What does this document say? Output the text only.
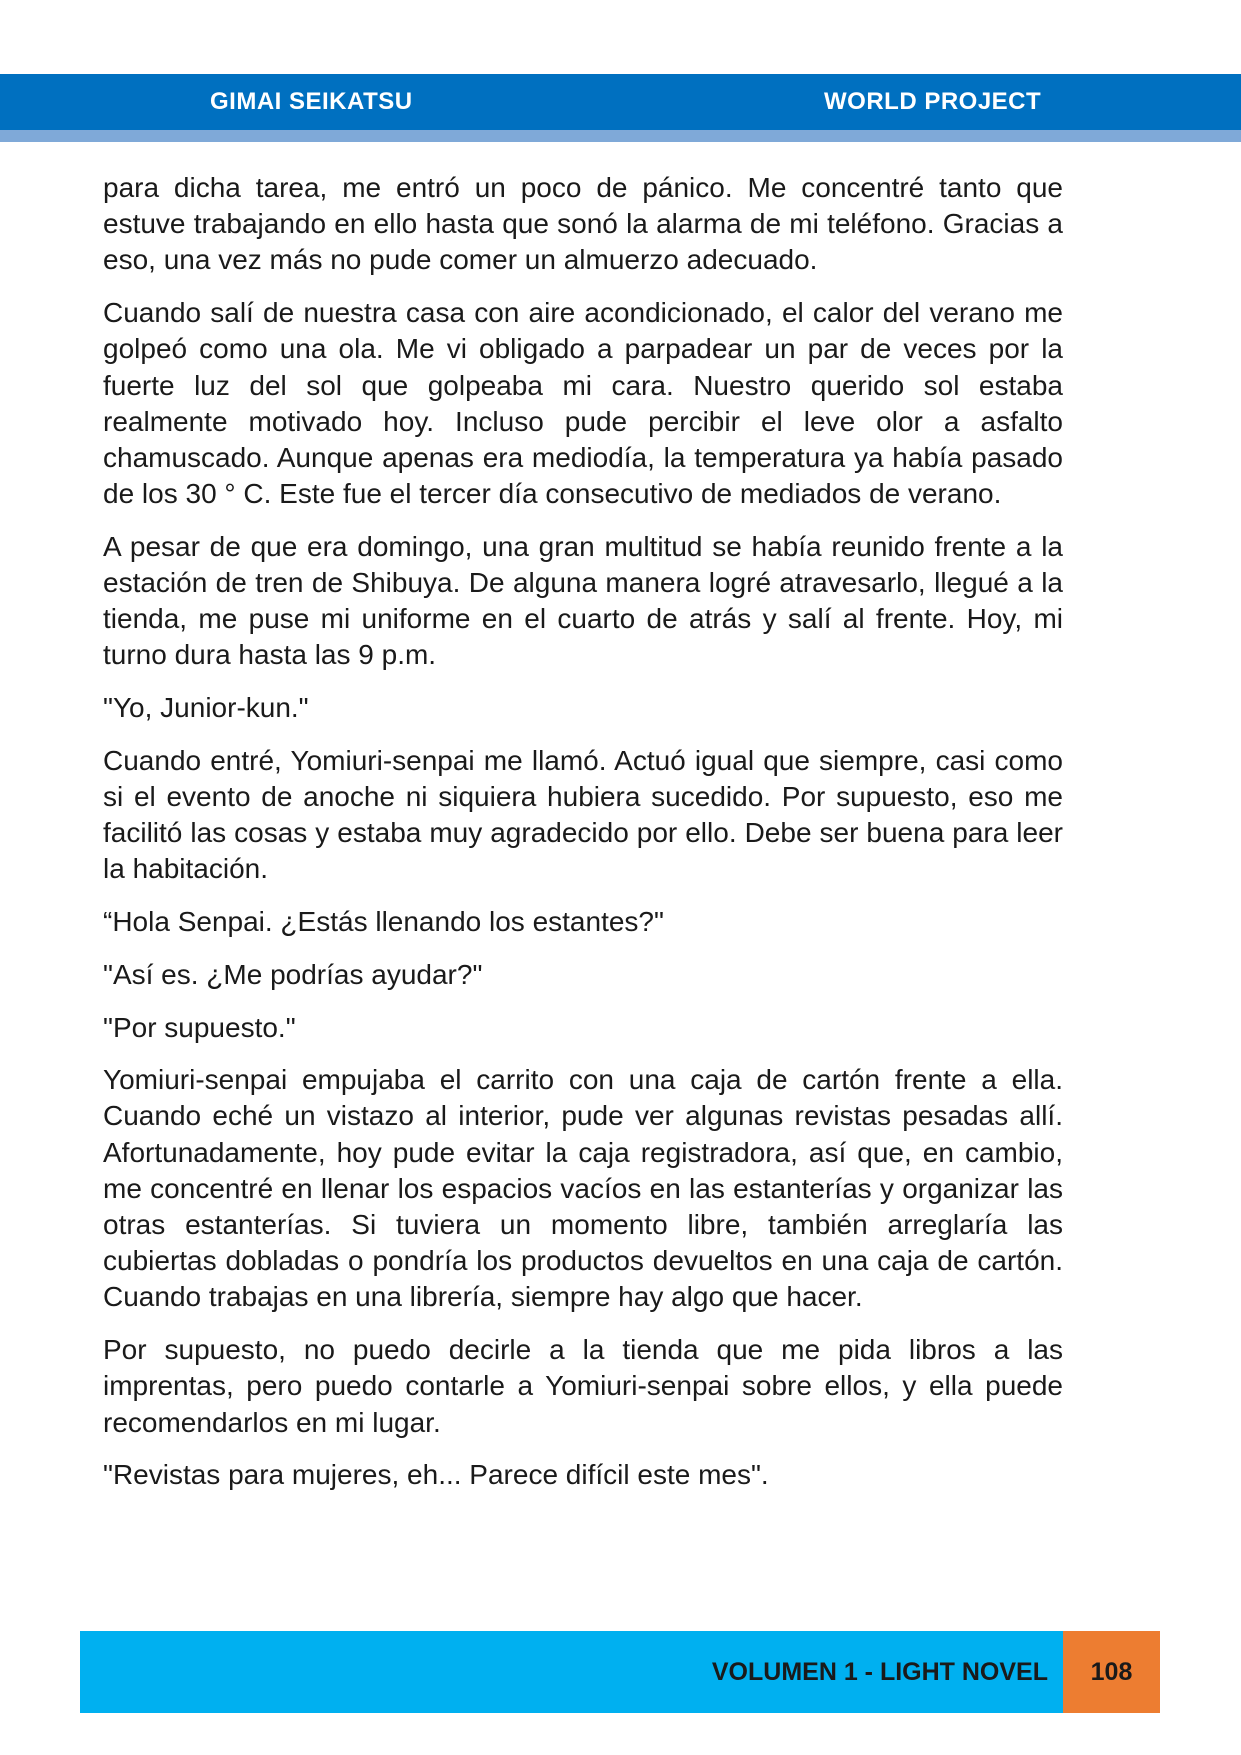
GIMAI SEIKATSU	WORLD PROJECT

para dicha tarea, me entró un poco de pánico. Me concentré tanto que estuve trabajando en ello hasta que sonó la alarma de mi teléfono. Gracias a eso, una vez más no pude comer un almuerzo adecuado.

Cuando salí de nuestra casa con aire acondicionado, el calor del verano me golpeó como una ola. Me vi obligado a parpadear un par de veces por la fuerte luz del sol que golpeaba mi cara. Nuestro querido sol estaba realmente motivado hoy. Incluso pude percibir el leve olor a asfalto chamuscado. Aunque apenas era mediodía, la temperatura ya había pasado de los 30 ° C. Este fue el tercer día consecutivo de mediados de verano.

A pesar de que era domingo, una gran multitud se había reunido frente a la estación de tren de Shibuya. De alguna manera logré atravesarlo, llegué a la tienda, me puse mi uniforme en el cuarto de atrás y salí al frente. Hoy, mi turno dura hasta las 9 p.m.

"Yo, Junior-kun."

Cuando entré, Yomiuri-senpai me llamó. Actuó igual que siempre, casi como si el evento de anoche ni siquiera hubiera sucedido. Por supuesto, eso me facilitó las cosas y estaba muy agradecido por ello. Debe ser buena para leer la habitación.

“Hola Senpai. ¿Estás llenando los estantes?"

"Así es. ¿Me podrías ayudar?"

"Por supuesto."

Yomiuri-senpai empujaba el carrito con una caja de cartón frente a ella. Cuando eché un vistazo al interior, pude ver algunas revistas pesadas allí. Afortunadamente, hoy pude evitar la caja registradora, así que, en cambio, me concentré en llenar los espacios vacíos en las estanterías y organizar las otras estanterías. Si tuviera un momento libre, también arreglaría las cubiertas dobladas o pondría los productos devueltos en una caja de cartón. Cuando trabajas en una librería, siempre hay algo que hacer.

Por supuesto, no puedo decirle a la tienda que me pida libros a las imprentas, pero puedo contarle a Yomiuri-senpai sobre ellos, y ella puede recomendarlos en mi lugar.

"Revistas para mujeres, eh... Parece difícil este mes".

VOLUMEN 1 - LIGHT NOVEL	108
